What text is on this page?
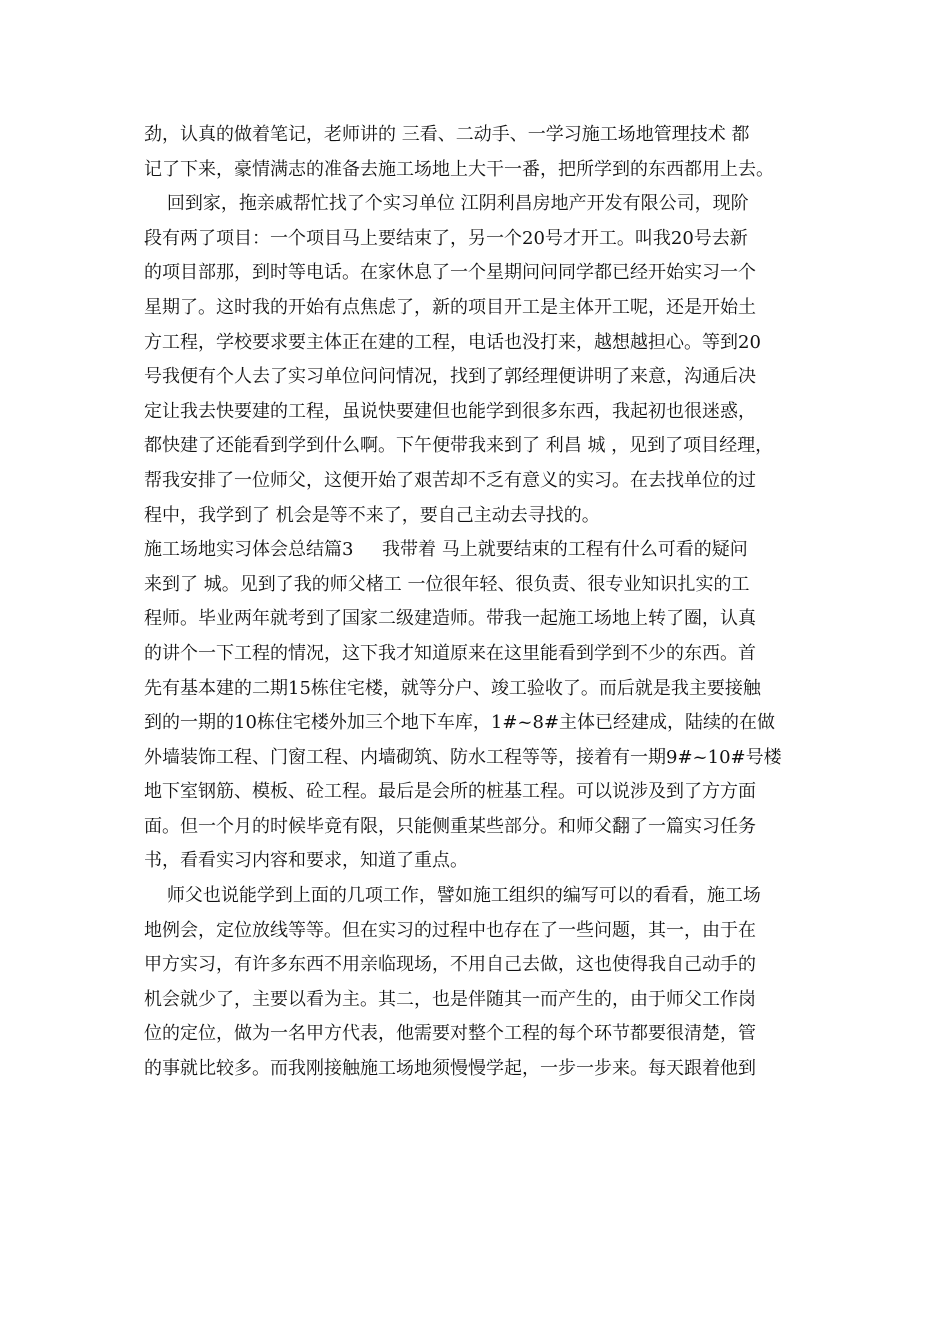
劲，认真的做着笔记，老师讲的 三看、二动手、一学习施工场地管理技术 都
记了下来，豪情满志的准备去施工场地上大干一番，把所学到的东西都用上去。
回到家，拖亲戚帮忙找了个实习单位 江阴利昌房地产开发有限公司，现阶
段有两了项目：一个项目马上要结束了，另一个20号才开工。叫我20号去新
的项目部那，到时等电话。在家休息了一个星期问问同学都已经开始实习一个
星期了。这时我的开始有点焦虑了，新的项目开工是主体开工呢，还是开始土
方工程，学校要求要主体正在建的工程，电话也没打来，越想越担心。等到20
号我便有个人去了实习单位问问情况，找到了郭经理便讲明了来意，沟通后决
定让我去快要建的工程，虽说快要建但也能学到很多东西，我起初也很迷惑，
都快建了还能看到学到什么啊。下午便带我来到了 利昌 城 ，见到了项目经理，
帮我安排了一位师父，这便开始了艰苦却不乏有意义的实习。在去找单位的过
程中，我学到了 机会是等不来了，要自己主动去寻找的。
施工场地实习体会总结篇3     我带着 马上就要结束的工程有什么可看的疑问
来到了 城。见到了我的师父楮工 一位很年轻、很负责、很专业知识扎实的工
程师。毕业两年就考到了国家二级建造师。带我一起施工场地上转了圈，认真
的讲个一下工程的情况，这下我才知道原来在这里能看到学到不少的东西。首
先有基本建的二期15栋住宅楼，就等分户、竣工验收了。而后就是我主要接触
到的一期的10栋住宅楼外加三个地下车库，1#~8#主体已经建成，陆续的在做
外墙装饰工程、门窗工程、内墙砌筑、防水工程等等，接着有一期9#~10#号楼
地下室钢筋、模板、砼工程。最后是会所的桩基工程。可以说涉及到了方方面
面。但一个月的时候毕竟有限，只能侧重某些部分。和师父翻了一篇实习任务
书，看看实习内容和要求，知道了重点。
师父也说能学到上面的几项工作，譬如施工组织的编写可以的看看，施工场
地例会，定位放线等等。但在实习的过程中也存在了一些问题，其一，由于在
甲方实习，有许多东西不用亲临现场，不用自己去做，这也使得我自己动手的
机会就少了，主要以看为主。其二，也是伴随其一而产生的，由于师父工作岗
位的定位，做为一名甲方代表，他需要对整个工程的每个环节都要很清楚，管
的事就比较多。而我刚接触施工场地须慢慢学起，一步一步来。每天跟着他到
